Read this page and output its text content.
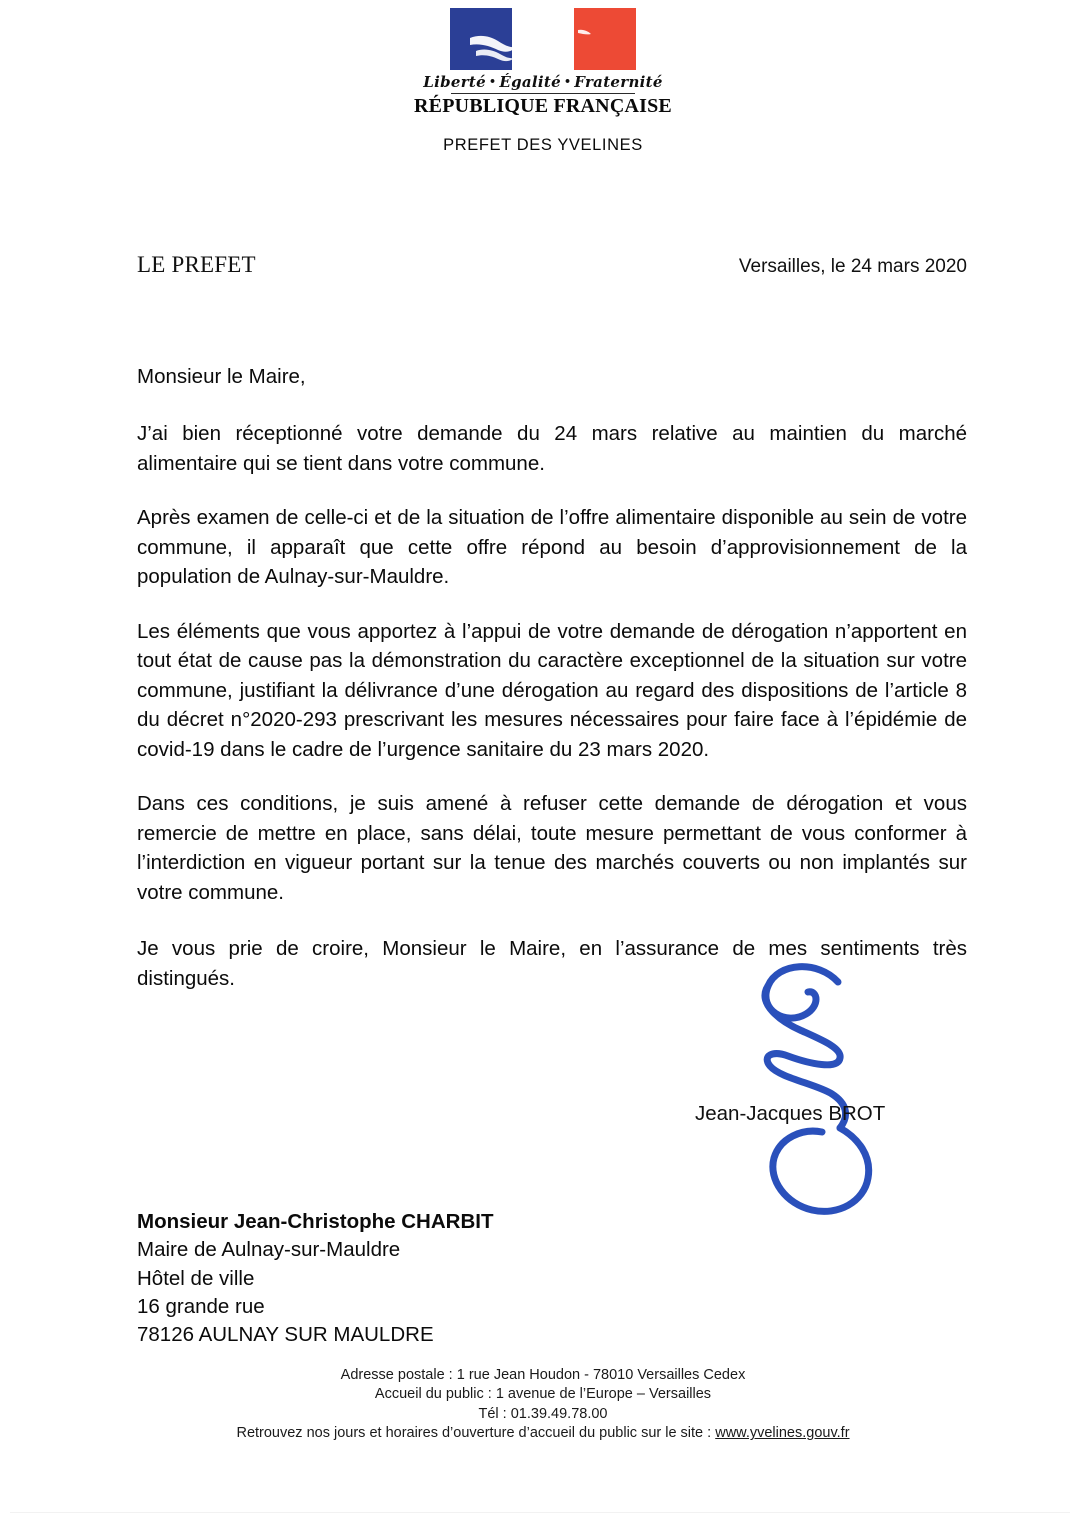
Liberté • Égalité • Fraternité
RÉPUBLIQUE FRANÇAISE
PREFET DES YVELINES
LE PREFET	Versailles, le 24 mars 2020

Monsieur le Maire,

J’ai bien réceptionné votre demande du 24 mars relative au maintien du marché alimentaire qui se tient dans votre commune.

Après examen de celle-ci et de la situation de l’offre alimentaire disponible au sein de votre commune, il apparaît que cette offre répond au besoin d’approvisionnement de la population de Aulnay-sur-Mauldre.

Les éléments que vous apportez à l’appui de votre demande de dérogation n’apportent en tout état de cause pas la démonstration du caractère exceptionnel de la situation sur votre commune, justifiant la délivrance d’une dérogation au regard des dispositions de l’article 8 du décret n°2020-293 prescrivant les mesures nécessaires pour faire face à l’épidémie de covid-19 dans le cadre de l’urgence sanitaire du 23 mars 2020.

Dans ces conditions, je suis amené à refuser cette demande de dérogation et vous remercie de mettre en place, sans délai, toute mesure permettant de vous conformer à l’interdiction en vigueur portant sur la tenue des marchés couverts ou non implantés sur votre commune.

Je vous prie de croire, Monsieur le Maire, en l’assurance de mes sentiments très distingués.

Jean-Jacques BROT
Monsieur Jean-Christophe CHARBIT
Maire de Aulnay-sur-Mauldre
Hôtel de ville
16 grande rue
78126 AULNAY SUR MAULDRE
Adresse postale : 1 rue Jean Houdon - 78010 Versailles Cedex
Accueil du public : 1 avenue de l’Europe – Versailles
Tél : 01.39.49.78.00
Retrouvez nos jours et horaires d’ouverture d’accueil du public sur le site : www.yvelines.gouv.fr
